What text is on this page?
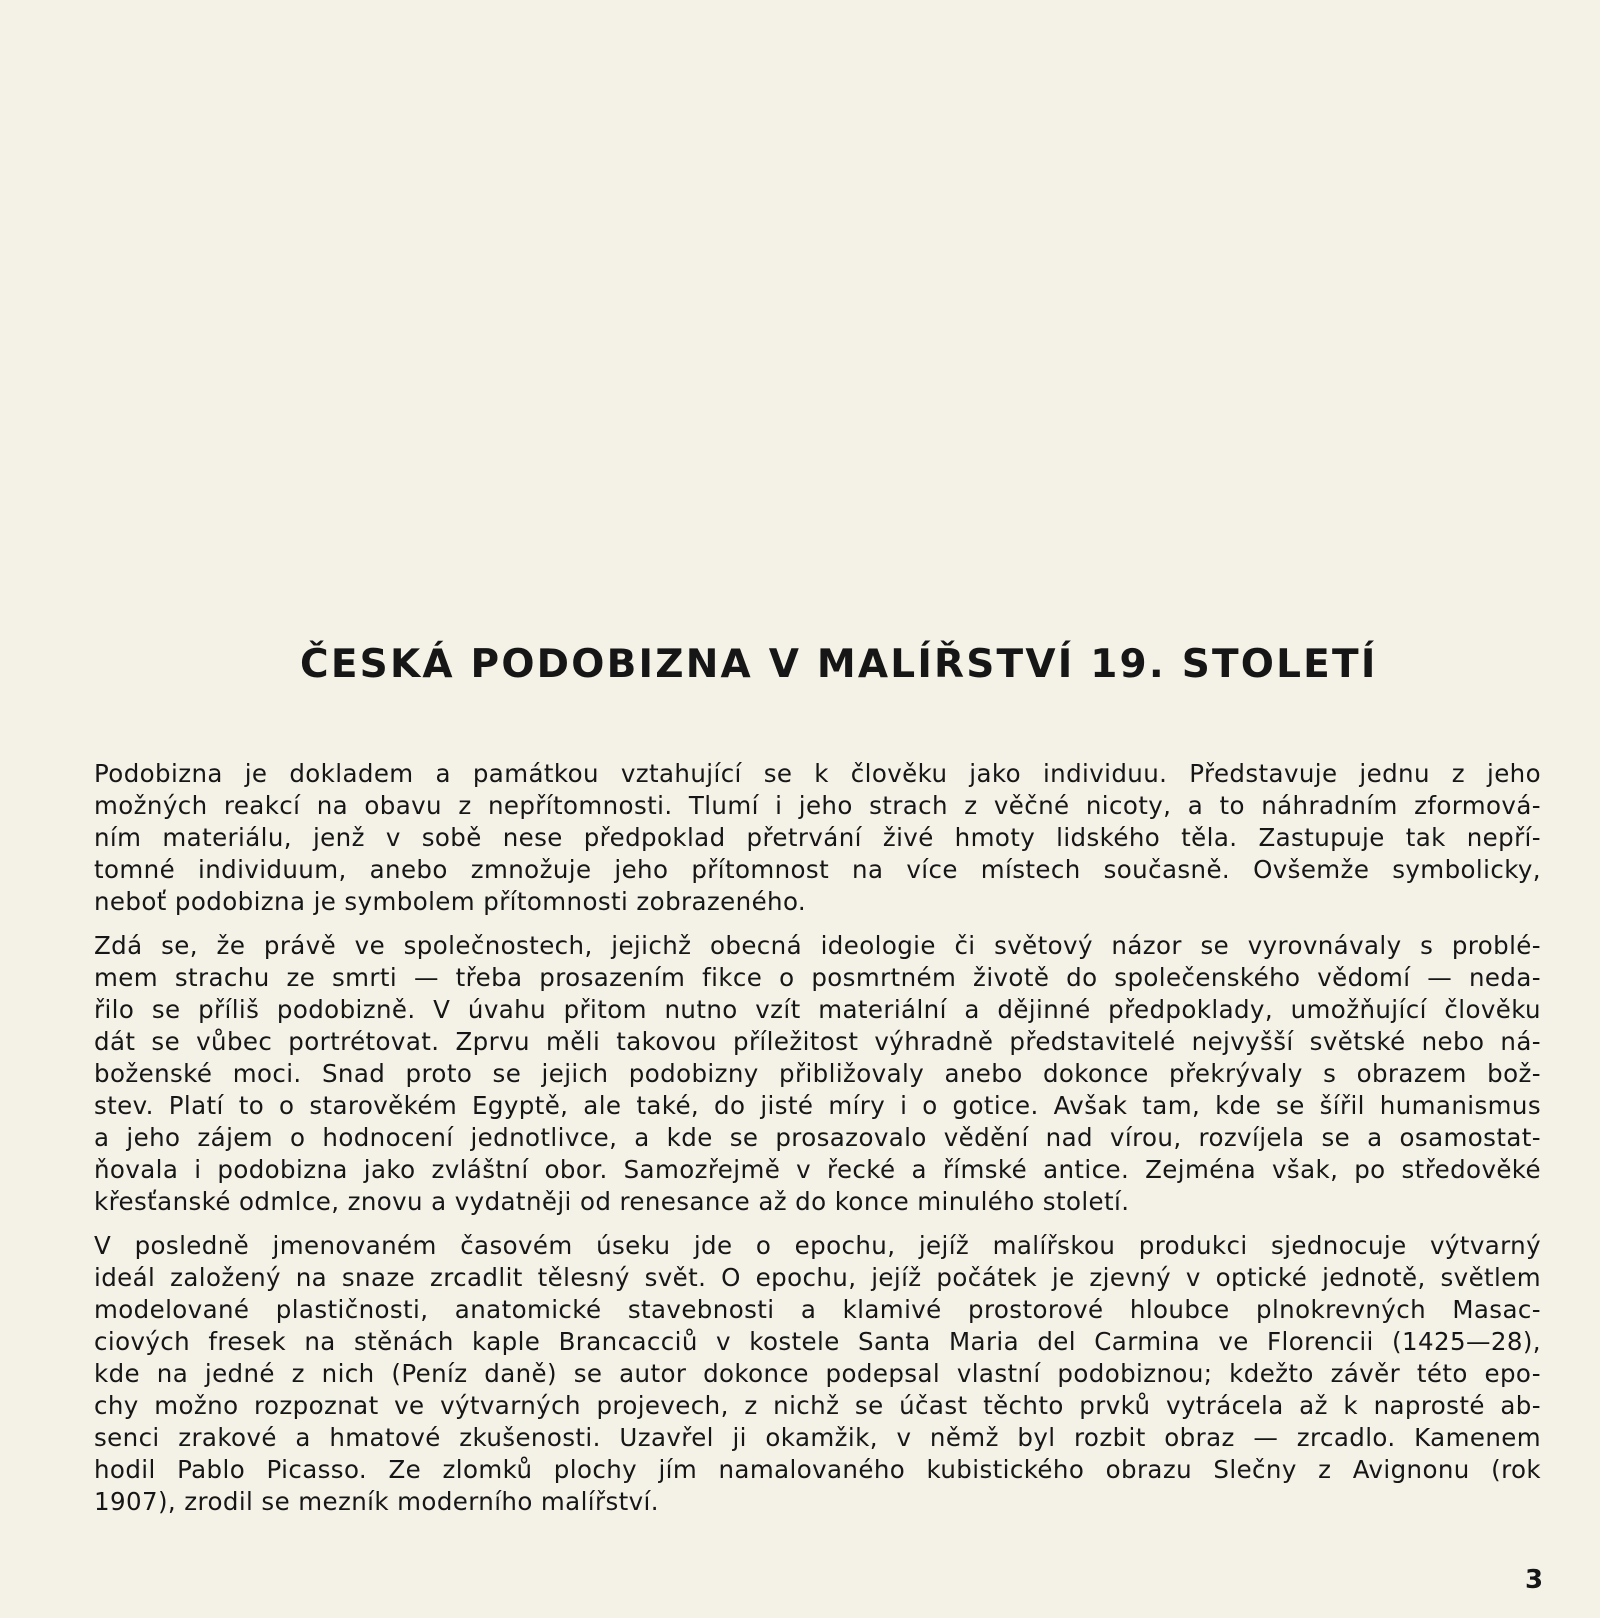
ČESKÁ PODOBIZNA V MALÍŘSTVÍ 19. STOLETÍ

Podobizna je dokladem a památkou vztahující se k člověku jako individuu. Představuje jednu z jeho
možných reakcí na obavu z nepřítomnosti. Tlumí i jeho strach z věčné nicoty, a to náhradním zformová-
ním materiálu, jenž v sobě nese předpoklad přetrvání živé hmoty lidského těla. Zastupuje tak nepří-
tomné individuum, anebo zmnožuje jeho přítomnost na více místech současně. Ovšemže symbolicky,
neboť podobizna je symbolem přítomnosti zobrazeného.

Zdá se, že právě ve společnostech, jejichž obecná ideologie či světový názor se vyrovnávaly s problé-
mem strachu ze smrti — třeba prosazením fikce o posmrtném životě do společenského vědomí — neda-
řilo se příliš podobizně. V úvahu přitom nutno vzít materiální a dějinné předpoklady, umožňující člověku
dát se vůbec portrétovat. Zprvu měli takovou příležitost výhradně představitelé nejvyšší světské nebo ná-
boženské moci. Snad proto se jejich podobizny přibližovaly anebo dokonce překrývaly s obrazem bož-
stev. Platí to o starověkém Egyptě, ale také, do jisté míry i o gotice. Avšak tam, kde se šířil humanismus
a jeho zájem o hodnocení jednotlivce, a kde se prosazovalo vědění nad vírou, rozvíjela se a osamostat-
ňovala i podobizna jako zvláštní obor. Samozřejmě v řecké a římské antice. Zejména však, po středověké
křesťanské odmlce, znovu a vydatněji od renesance až do konce minulého století.

V posledně jmenovaném časovém úseku jde o epochu, jejíž malířskou produkci sjednocuje výtvarný
ideál založený na snaze zrcadlit tělesný svět. O epochu, jejíž počátek je zjevný v optické jednotě, světlem
modelované plastičnosti, anatomické stavebnosti a klamivé prostorové hloubce plnokrevných Masac-
ciových fresek na stěnách kaple Brancacciů v kostele Santa Maria del Carmina ve Florencii (1425—28),
kde na jedné z nich (Peníz daně) se autor dokonce podepsal vlastní podobiznou; kdežto závěr této epo-
chy možno rozpoznat ve výtvarných projevech, z nichž se účast těchto prvků vytrácela až k naprosté ab-
senci zrakové a hmatové zkušenosti. Uzavřel ji okamžik, v němž byl rozbit obraz — zrcadlo. Kamenem
hodil Pablo Picasso. Ze zlomků plochy jím namalovaného kubistického obrazu Slečny z Avignonu (rok
1907), zrodil se mezník moderního malířství.

3
